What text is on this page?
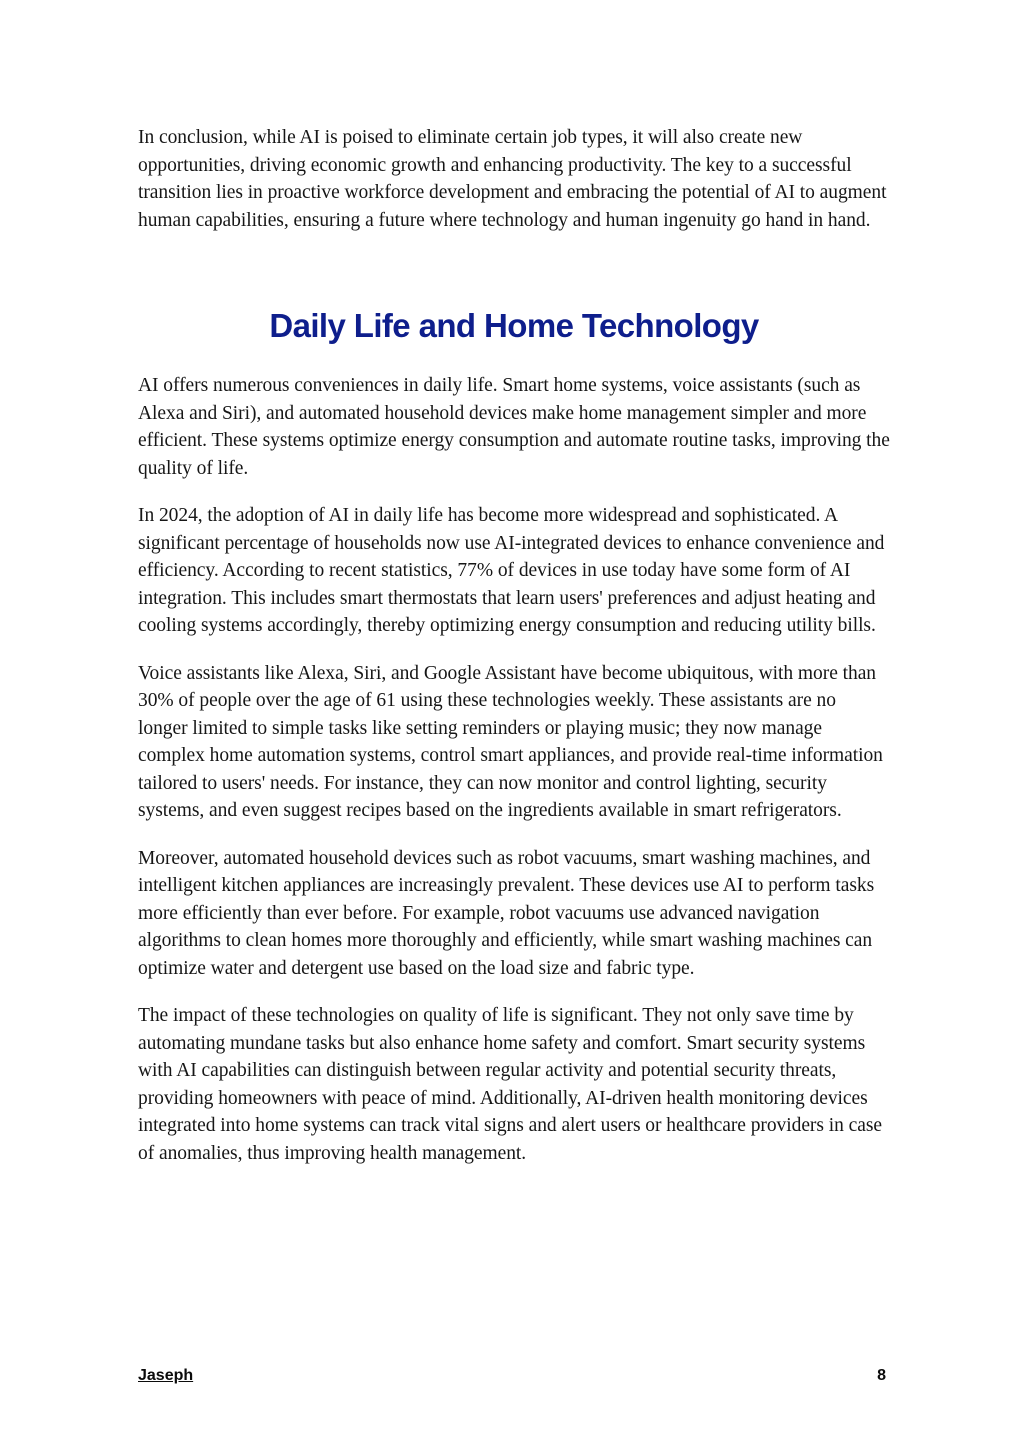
In conclusion, while AI is poised to eliminate certain job types, it will also create new opportunities, driving economic growth and enhancing productivity. The key to a successful transition lies in proactive workforce development and embracing the potential of AI to augment human capabilities, ensuring a future where technology and human ingenuity go hand in hand.

Daily Life and Home Technology

AI offers numerous conveniences in daily life. Smart home systems, voice assistants (such as Alexa and Siri), and automated household devices make home management simpler and more efficient. These systems optimize energy consumption and automate routine tasks, improving the quality of life.

In 2024, the adoption of AI in daily life has become more widespread and sophisticated. A significant percentage of households now use AI-integrated devices to enhance convenience and efficiency. According to recent statistics, 77% of devices in use today have some form of AI integration. This includes smart thermostats that learn users' preferences and adjust heating and cooling systems accordingly, thereby optimizing energy consumption and reducing utility bills.

Voice assistants like Alexa, Siri, and Google Assistant have become ubiquitous, with more than 30% of people over the age of 61 using these technologies weekly. These assistants are no longer limited to simple tasks like setting reminders or playing music; they now manage complex home automation systems, control smart appliances, and provide real-time information tailored to users' needs. For instance, they can now monitor and control lighting, security systems, and even suggest recipes based on the ingredients available in smart refrigerators.

Moreover, automated household devices such as robot vacuums, smart washing machines, and intelligent kitchen appliances are increasingly prevalent. These devices use AI to perform tasks more efficiently than ever before. For example, robot vacuums use advanced navigation algorithms to clean homes more thoroughly and efficiently, while smart washing machines can optimize water and detergent use based on the load size and fabric type.

The impact of these technologies on quality of life is significant. They not only save time by automating mundane tasks but also enhance home safety and comfort. Smart security systems with AI capabilities can distinguish between regular activity and potential security threats, providing homeowners with peace of mind. Additionally, AI-driven health monitoring devices integrated into home systems can track vital signs and alert users or healthcare providers in case of anomalies, thus improving health management.

Jaseph	8
